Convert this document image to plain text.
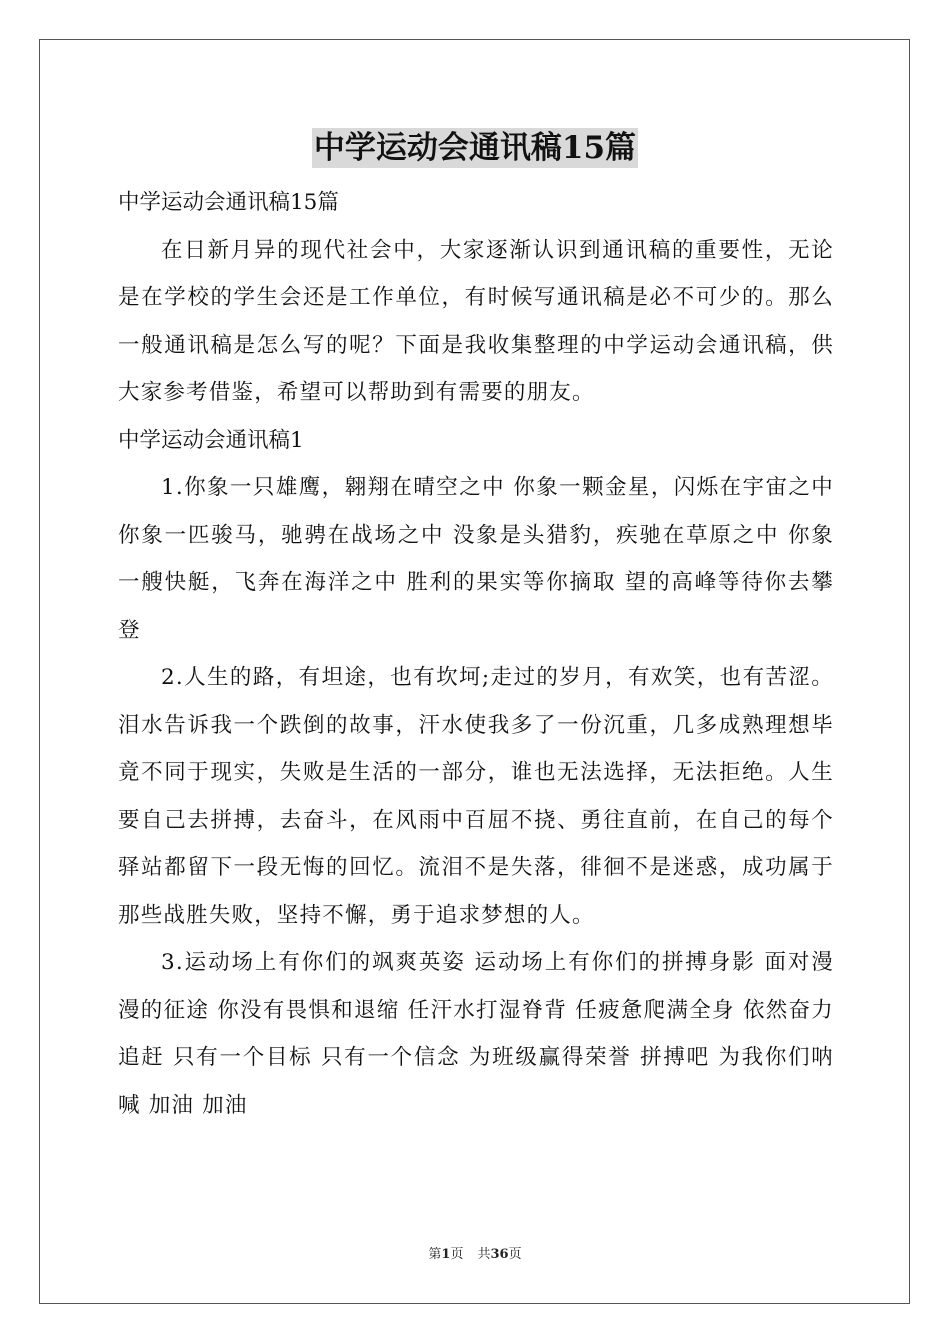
中学运动会通讯稿15篇

中学运动会通讯稿15篇

在日新月异的现代社会中，大家逐渐认识到通讯稿的重要性，无论是在学校的学生会还是工作单位，有时候写通讯稿是必不可少的。那么一般通讯稿是怎么写的呢？下面是我收集整理的中学运动会通讯稿，供大家参考借鉴，希望可以帮助到有需要的朋友。

中学运动会通讯稿1

1.你象一只雄鹰，翱翔在晴空之中 你象一颗金星，闪烁在宇宙之中 你象一匹骏马，驰骋在战场之中 没象是头猎豹，疾驰在草原之中 你象一艘快艇，飞奔在海洋之中 胜利的果实等你摘取 望的高峰等待你去攀登

2.人生的路，有坦途，也有坎坷;走过的岁月，有欢笑，也有苦涩。泪水告诉我一个跌倒的故事，汗水使我多了一份沉重，几多成熟理想毕竟不同于现实，失败是生活的一部分，谁也无法选择，无法拒绝。人生要自己去拼搏，去奋斗，在风雨中百屈不挠、勇往直前，在自己的每个驿站都留下一段无悔的回忆。流泪不是失落，徘徊不是迷惑，成功属于那些战胜失败，坚持不懈，勇于追求梦想的人。

3.运动场上有你们的飒爽英姿 运动场上有你们的拼搏身影 面对漫漫的征途 你没有畏惧和退缩 任汗水打湿脊背 任疲惫爬满全身 依然奋力追赶 只有一个目标 只有一个信念 为班级赢得荣誉 拼搏吧 为我你们呐喊 加油 加油

第1页 共36页
